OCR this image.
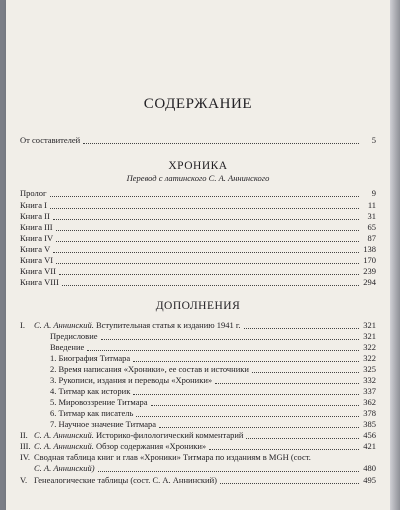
СОДЕРЖАНИЕ
От составителей	5
ХРОНИКА
Перевод с латинского С. А. Аннинского
Пролог	9
Книга I	11
Книга II	31
Книга III	65
Книга IV	87
Книга V	138
Книга VI	170
Книга VII	239
Книга VIII	294
ДОПОЛНЕНИЯ
I.	С. А. Аннинский. Вступительная статья к изданию 1941 г.	321
Предисловие	321
Введение	322
1. Биография Титмара	322
2. Время написания «Хроники», ее состав и источники	325
3. Рукописи, издания и переводы «Хроники»	332
4. Титмар как историк	337
5. Мировоззрение Титмара	362
6. Титмар как писатель	378
7. Научное значение Титмара	385
II. С. А. Аннинский. Историко-филологический комментарий	456
III. С. А. Аннинский. Обзор содержания «Хроники»	421
IV. Сводная таблица книг и глав «Хроники» Титмара по изданиям в MGH (сост.
С. А. Аннинский)	480
V. Генеалогические таблицы (сост. С. А. Аннинский)	495
